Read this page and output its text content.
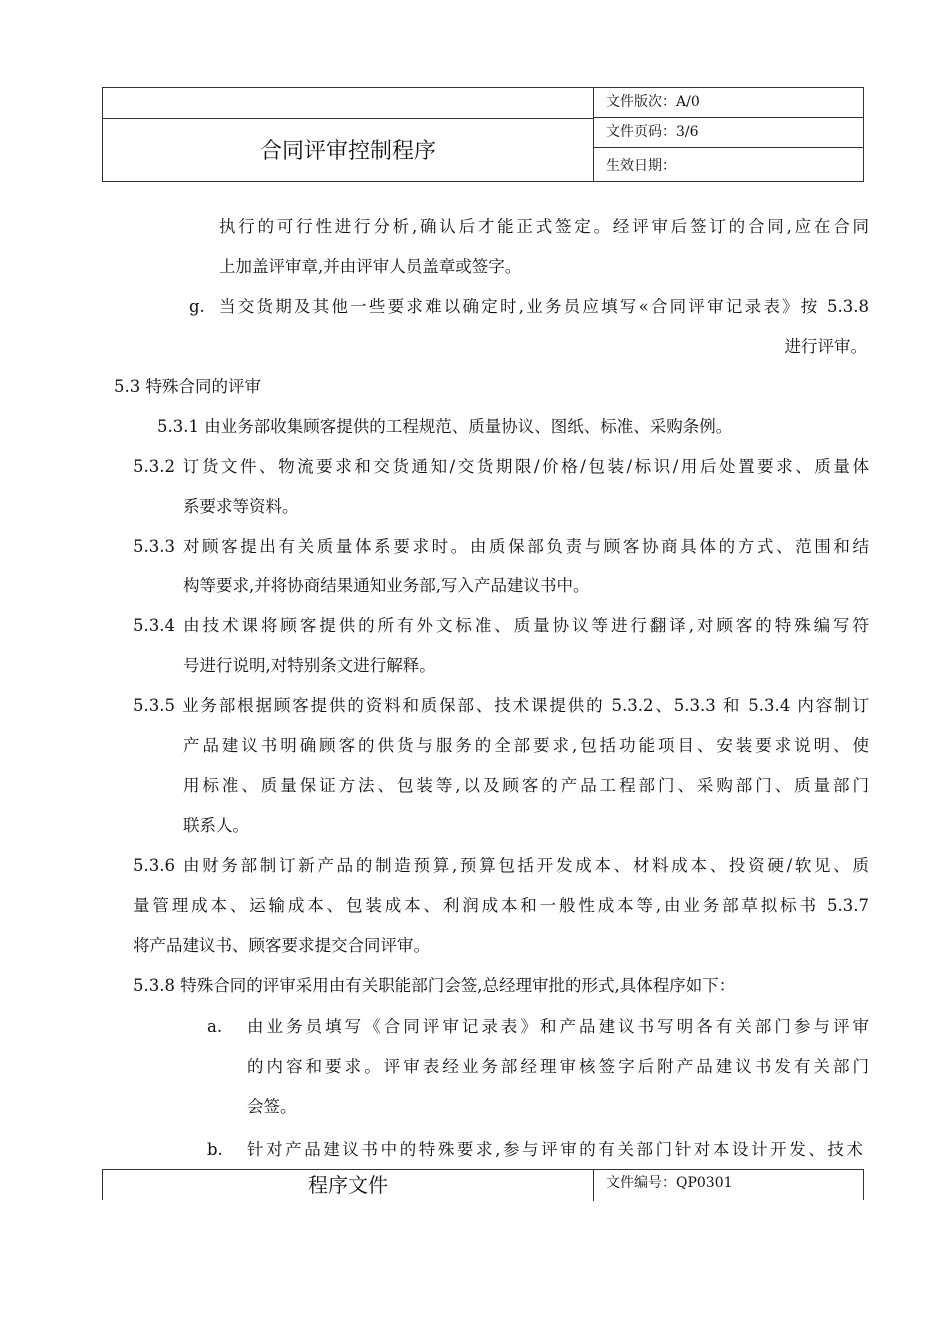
合同评审控制程序
文件版次：A/0
文件页码：3/6
生效日期：
执行的可行性进行分析,确认后才能正式签定。经评审后签订的合同,应在合同
上加盖评审章,并由评审人员盖章或签字。
g. 当交货期及其他一些要求难以确定时,业务员应填写«合同评审记录表》按 5.3.8
进行评审。
5.3 特殊合同的评审
5.3.1 由业务部收集顾客提供的工程规范、质量协议、图纸、标准、采购条例。
5.3.2 订货文件、物流要求和交货通知/交货期限/价格/包装/标识/用后处置要求、质量体
系要求等资料。
5.3.3 对顾客提出有关质量体系要求时。由质保部负责与顾客协商具体的方式、范围和结
构等要求,并将协商结果通知业务部,写入产品建议书中。
5.3.4 由技术课将顾客提供的所有外文标准、质量协议等进行翻译,对顾客的特殊编写符
号进行说明,对特别条文进行解释。
5.3.5 业务部根据顾客提供的资料和质保部、技术课提供的 5.3.2、5.3.3 和 5.3.4 内容制订
产品建议书明确顾客的供货与服务的全部要求,包括功能项目、安装要求说明、使
用标准、质量保证方法、包装等,以及顾客的产品工程部门、采购部门、质量部门
联系人。
5.3.6 由财务部制订新产品的制造预算,预算包括开发成本、材料成本、投资硬/软见、质
量管理成本、运输成本、包装成本、利润成本和一般性成本等,由业务部草拟标书 5.3.7
将产品建议书、顾客要求提交合同评审。
5.3.8 特殊合同的评审采用由有关职能部门会签,总经理审批的形式,具体程序如下：
a. 由业务员填写《合同评审记录表》和产品建议书写明各有关部门参与评审
的内容和要求。评审表经业务部经理审核签字后附产品建议书发有关部门
会签。
b. 针对产品建议书中的特殊要求,参与评审的有关部门针对本设计开发、技术
程序文件	文件编号：QP0301
